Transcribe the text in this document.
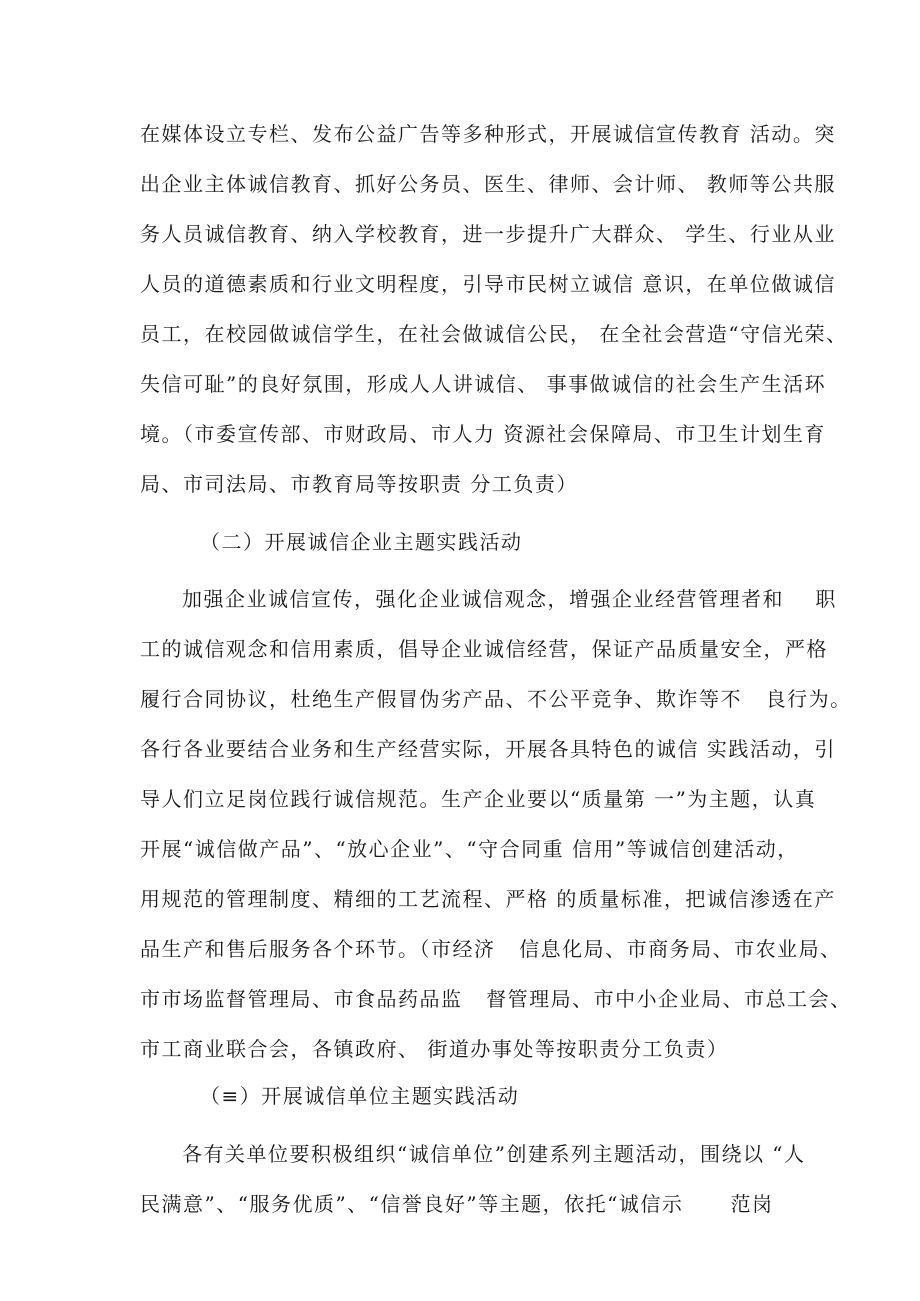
在媒体设立专栏、发布公益广告等多种形式，开展诚信宣传教育 活动。突
出企业主体诚信教育、抓好公务员、医生、律师、会计师、 教师等公共服
务人员诚信教育、纳入学校教育，进一步提升广大群众、 学生、行业从业
人员的道德素质和行业文明程度，引导市民树立诚信 意识，在单位做诚信
员工，在校园做诚信学生，在社会做诚信公民， 在全社会营造“守信光荣、
失信可耻”的良好氛围，形成人人讲诚信、 事事做诚信的社会生产生活环
境。（市委宣传部、市财政局、市人力 资源社会保障局、市卫生计划生育
局、市司法局、市教育局等按职责 分工负责）
（二）开展诚信企业主题实践活动
加强企业诚信宣传，强化企业诚信观念，增强企业经营管理者和    职
工的诚信观念和信用素质，倡导企业诚信经营，保证产品质量安全，严格
履行合同协议，杜绝生产假冒伪劣产品、不公平竞争、欺诈等不   良行为。
各行各业要结合业务和生产经营实际，开展各具特色的诚信 实践活动，引
导人们立足岗位践行诚信规范。生产企业要以“质量第 一”为主题，认真
开展“诚信做产品”、“放心企业”、“守合同重 信用”等诚信创建活动，
用规范的管理制度、精细的工艺流程、严格 的质量标准，把诚信渗透在产
品生产和售后服务各个环节。（市经济   信息化局、市商务局、市农业局、
市市场监督管理局、市食品药品监   督管理局、市中小企业局、市总工会、
市工商业联合会，各镇政府、 街道办事处等按职责分工负责）
（≡）开展诚信单位主题实践活动
各有关单位要积极组织“诚信单位”创建系列主题活动，围绕以 “人
民满意”、“服务优质”、“信誉良好”等主题，依托“诚信示      范岗
